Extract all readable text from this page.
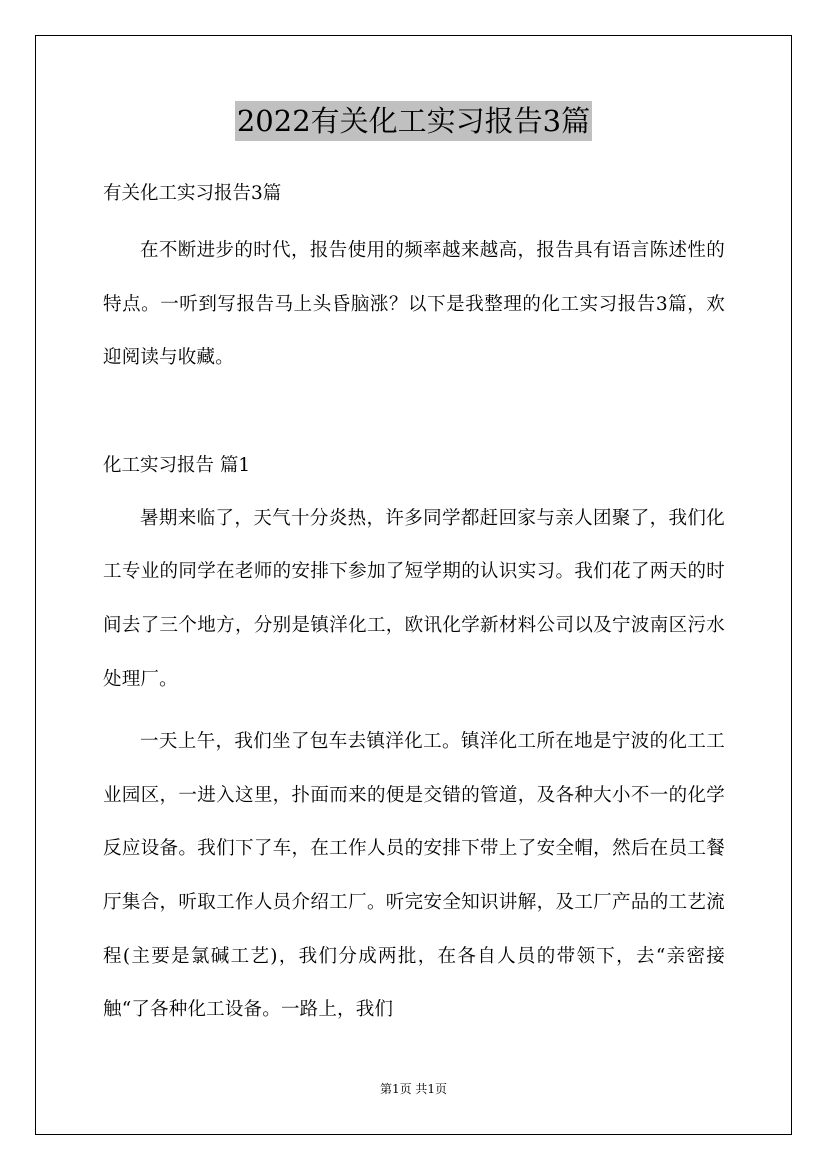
2022有关化工实习报告3篇
有关化工实习报告3篇

在不断进步的时代，报告使用的频率越来越高，报告具有语言陈述性的特点。一听到写报告马上头昏脑涨？以下是我整理的化工实习报告3篇，欢迎阅读与收藏。

化工实习报告 篇1

暑期来临了，天气十分炎热，许多同学都赶回家与亲人团聚了，我们化工专业的同学在老师的安排下参加了短学期的认识实习。我们花了两天的时间去了三个地方，分别是镇洋化工，欧讯化学新材料公司以及宁波南区污水处理厂。

一天上午，我们坐了包车去镇洋化工。镇洋化工所在地是宁波的化工工业园区，一进入这里，扑面而来的便是交错的管道，及各种大小不一的化学反应设备。我们下了车，在工作人员的安排下带上了安全帽，然后在员工餐厅集合，听取工作人员介绍工厂。听完安全知识讲解，及工厂产品的工艺流程(主要是氯碱工艺)，我们分成两批，在各自人员的带领下，去“亲密接触“了各种化工设备。一路上，我们

第1页 共1页
